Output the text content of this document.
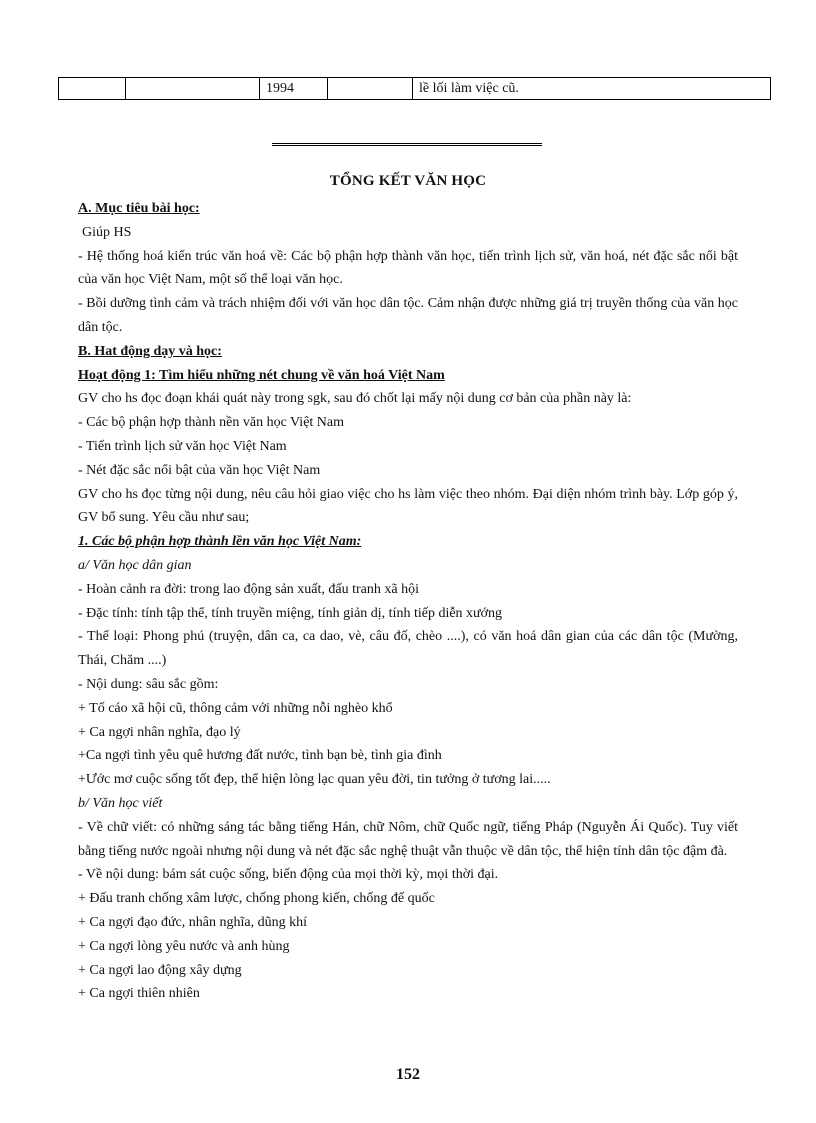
		1994		lề lối làm việc cũ.
TỔNG KẾT VĂN HỌC

A. Mục tiêu bài học:

Giúp HS

- Hệ thống hoá kiến trúc văn hoá về: Các bộ phận hợp thành văn học, tiến trình lịch sử, văn hoá, nét đặc sắc nổi bật của văn học Việt Nam, một số thể loại văn học.

- Bồi dưỡng tình cảm và trách nhiệm đối với văn học dân tộc. Cảm nhận được những giá trị truyền thống của văn học dân tộc.

B. Hat động dạy và học:

Hoạt động 1: Tìm hiểu những nét chung về văn hoá Việt Nam

GV cho hs đọc đoạn khái quát này trong sgk, sau đó chốt lại mấy nội dung cơ bản của phần này là:

- Các bộ phận hợp thành nền văn học Việt Nam

- Tiến trình lịch sử văn học Việt Nam

- Nét đặc sắc nổi bật của văn học Việt Nam

GV cho hs đọc từng nội dung, nêu câu hỏi giao việc cho hs làm việc theo nhóm. Đại diện nhóm trình bày. Lớp góp ý, GV bổ sung. Yêu cầu như sau;

1. Các bộ phận hợp thành lền văn học Việt Nam:

a/ Văn học dân gian

- Hoàn cảnh ra đời: trong lao động sản xuất, đấu tranh xã hội

- Đặc tính: tính tập thể, tính truyền miệng, tính giản dị, tính tiếp diễn xướng

- Thể loại: Phong phú (truyện, dân ca, ca dao, vè, câu đố, chèo ....), có văn hoá dân gian của các dân tộc (Mường, Thái, Chăm ....)

- Nội dung: sâu sắc gồm:

+ Tố cáo xã hội cũ, thông cảm với những nỗi nghèo khổ

+ Ca ngợi nhân nghĩa, đạo lý

+Ca ngợi tình yêu quê hương đất nước, tình bạn bè, tình gia đình

+Ước mơ cuộc sống tốt đẹp, thể hiện lòng lạc quan yêu đời, tin tưởng ở tương lai.....

b/ Văn học viết

- Về chữ viết: có những sáng tác bằng tiếng Hán, chữ Nôm, chữ Quốc ngữ, tiếng Pháp (Nguyễn Ái Quốc). Tuy viết bằng tiếng nước ngoài nhưng nội dung và nét đặc sắc nghệ thuật vẫn thuộc về dân tộc, thể hiện tính dân tộc đậm đà.

- Về nội dung: bám sát cuộc sống, biến động của mọi thời kỳ, mọi thời đại.

+ Đấu tranh chống xâm lược, chống phong kiến, chống đế quốc

+ Ca ngợi đạo đức, nhân nghĩa, dũng khí

+ Ca ngợi lòng yêu nước và anh hùng

+ Ca ngợi lao động xây dựng

+ Ca ngợi thiên nhiên

152
